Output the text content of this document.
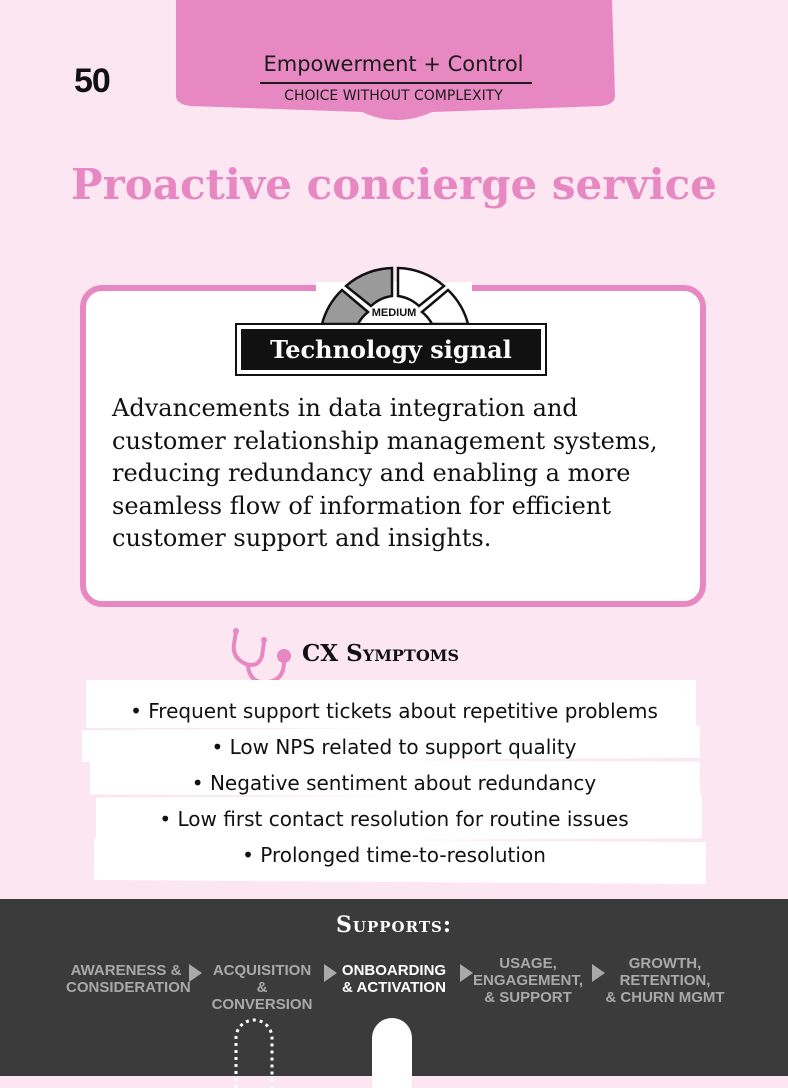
50	Empowerment + Control
CHOICE WITHOUT COMPLEXITY
Proactive concierge service
MEDIUM
Technology signal
Advancements in data integration and customer relationship management systems, reducing redundancy and enabling a more seamless flow of information for efficient customer support and insights.
CX Symptoms
• Frequent support tickets about repetitive problems
• Low NPS related to support quality
• Negative sentiment about redundancy
• Low first contact resolution for routine issues
• Prolonged time-to-resolution
Supports:
AWARENESS &
CONSIDERATION
ACQUISITION
& CONVERSION
ONBOARDING
& ACTIVATION
USAGE,
ENGAGEMENT,
& SUPPORT
GROWTH,
RETENTION,
& CHURN MGMT
